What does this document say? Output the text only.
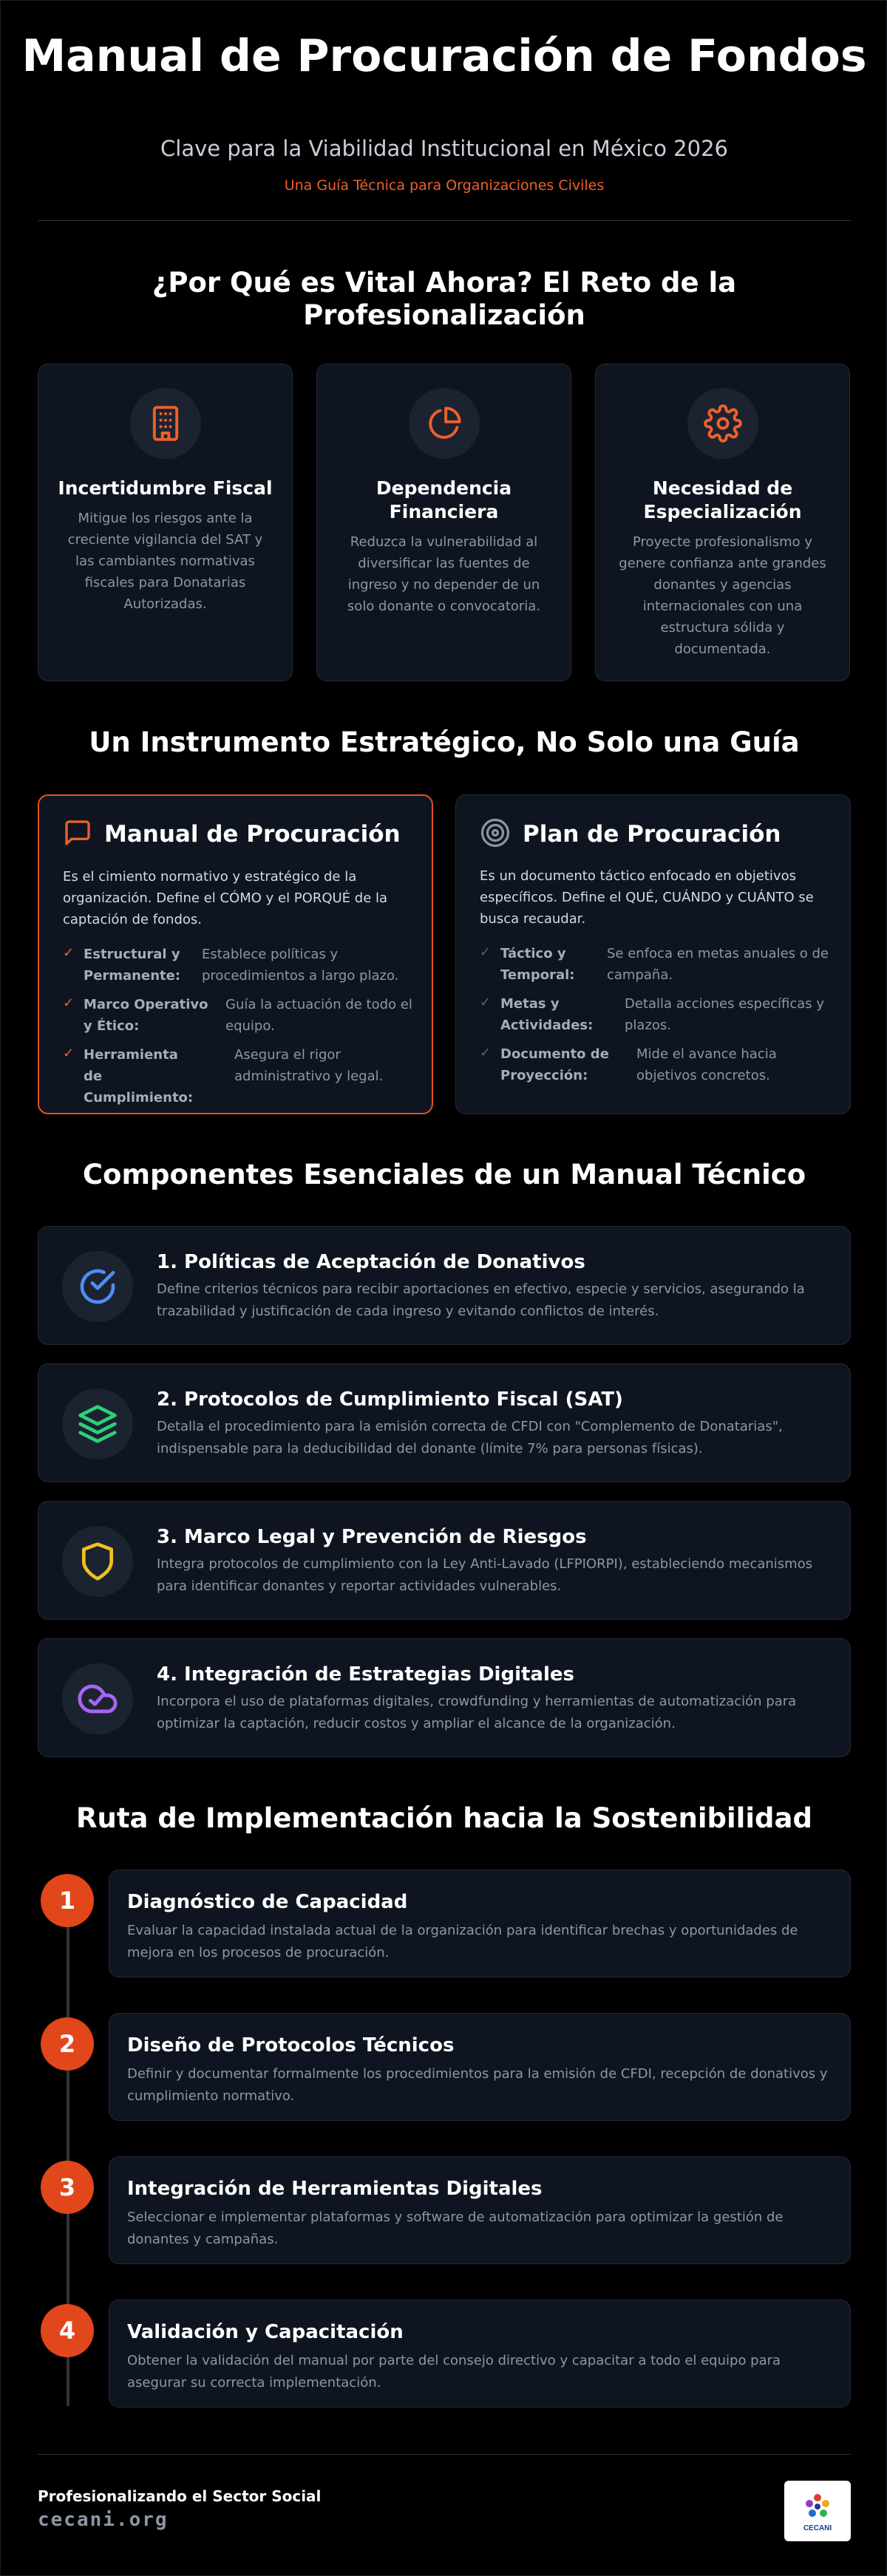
Manual de Procuración de Fondos
Clave para la Viabilidad Institucional en México 2026
Una Guía Técnica para Organizaciones Civiles
¿Por Qué es Vital Ahora? El Reto de la Profesionalización
Incertidumbre Fiscal

Mitigue los riesgos ante la creciente vigilancia del SAT y las cambiantes normativas fiscales para Donatarias Autorizadas.

Dependencia Financiera

Reduzca la vulnerabilidad al diversificar las fuentes de ingreso y no depender de un solo donante o convocatoria.

Necesidad de Especialización

Proyecte profesionalismo y genere confianza ante grandes donantes y agencias internacionales con una estructura sólida y documentada.

Un Instrumento Estratégico, No Solo una Guía
Manual de Procuración
Es el cimiento normativo y estratégico de la organización. Define el CÓMO y el PORQUÉ de la captación de fondos.
✓ Estructural y Permanente:
Establece políticas y procedimientos a largo plazo.
✓ Marco Operativo y Ético:
Guía la actuación de todo el equipo.
✓ Herramienta de Cumplimiento:
Asegura el rigor administrativo y legal.
Plan de Procuración
Es un documento táctico enfocado en objetivos específicos. Define el QUÉ, CUÁNDO y CUÁNTO se busca recaudar.
✓ Táctico y Temporal:
Se enfoca en metas anuales o de campaña.
✓ Metas y Actividades:
Detalla acciones específicas y plazos.
✓ Documento de Proyección:
Mide el avance hacia objetivos concretos.
Componentes Esenciales de un Manual Técnico
1. Políticas de Aceptación de Donativos

Define criterios técnicos para recibir aportaciones en efectivo, especie y servicios, asegurando la trazabilidad y justificación de cada ingreso y evitando conflictos de interés.

2. Protocolos de Cumplimiento Fiscal (SAT)

Detalla el procedimiento para la emisión correcta de CFDI con "Complemento de Donatarias", indispensable para la deducibilidad del donante (límite 7% para personas físicas).

3. Marco Legal y Prevención de Riesgos

Integra protocolos de cumplimiento con la Ley Anti-Lavado (LFPIORPI), estableciendo mecanismos para identificar donantes y reportar actividades vulnerables.

4. Integración de Estrategias Digitales

Incorpora el uso de plataformas digitales, crowdfunding y herramientas de automatización para optimizar la captación, reducir costos y ampliar el alcance de la organización.

Ruta de Implementación hacia la Sostenibilidad
1	Diagnóstico de Capacidad

Evaluar la capacidad instalada actual de la organización para identificar brechas y oportunidades de mejora en los procesos de procuración.

2	Diseño de Protocolos Técnicos

Definir y documentar formalmente los procedimientos para la emisión de CFDI, recepción de donativos y cumplimiento normativo.

3	Integración de Herramientas Digitales

Seleccionar e implementar plataformas y software de automatización para optimizar la gestión de donantes y campañas.

4	Validación y Capacitación

Obtener la validación del manual por parte del consejo directivo y capacitar a todo el equipo para asegurar su correcta implementación.

Profesionalizando el Sector Social
cecani.org	CECANI
